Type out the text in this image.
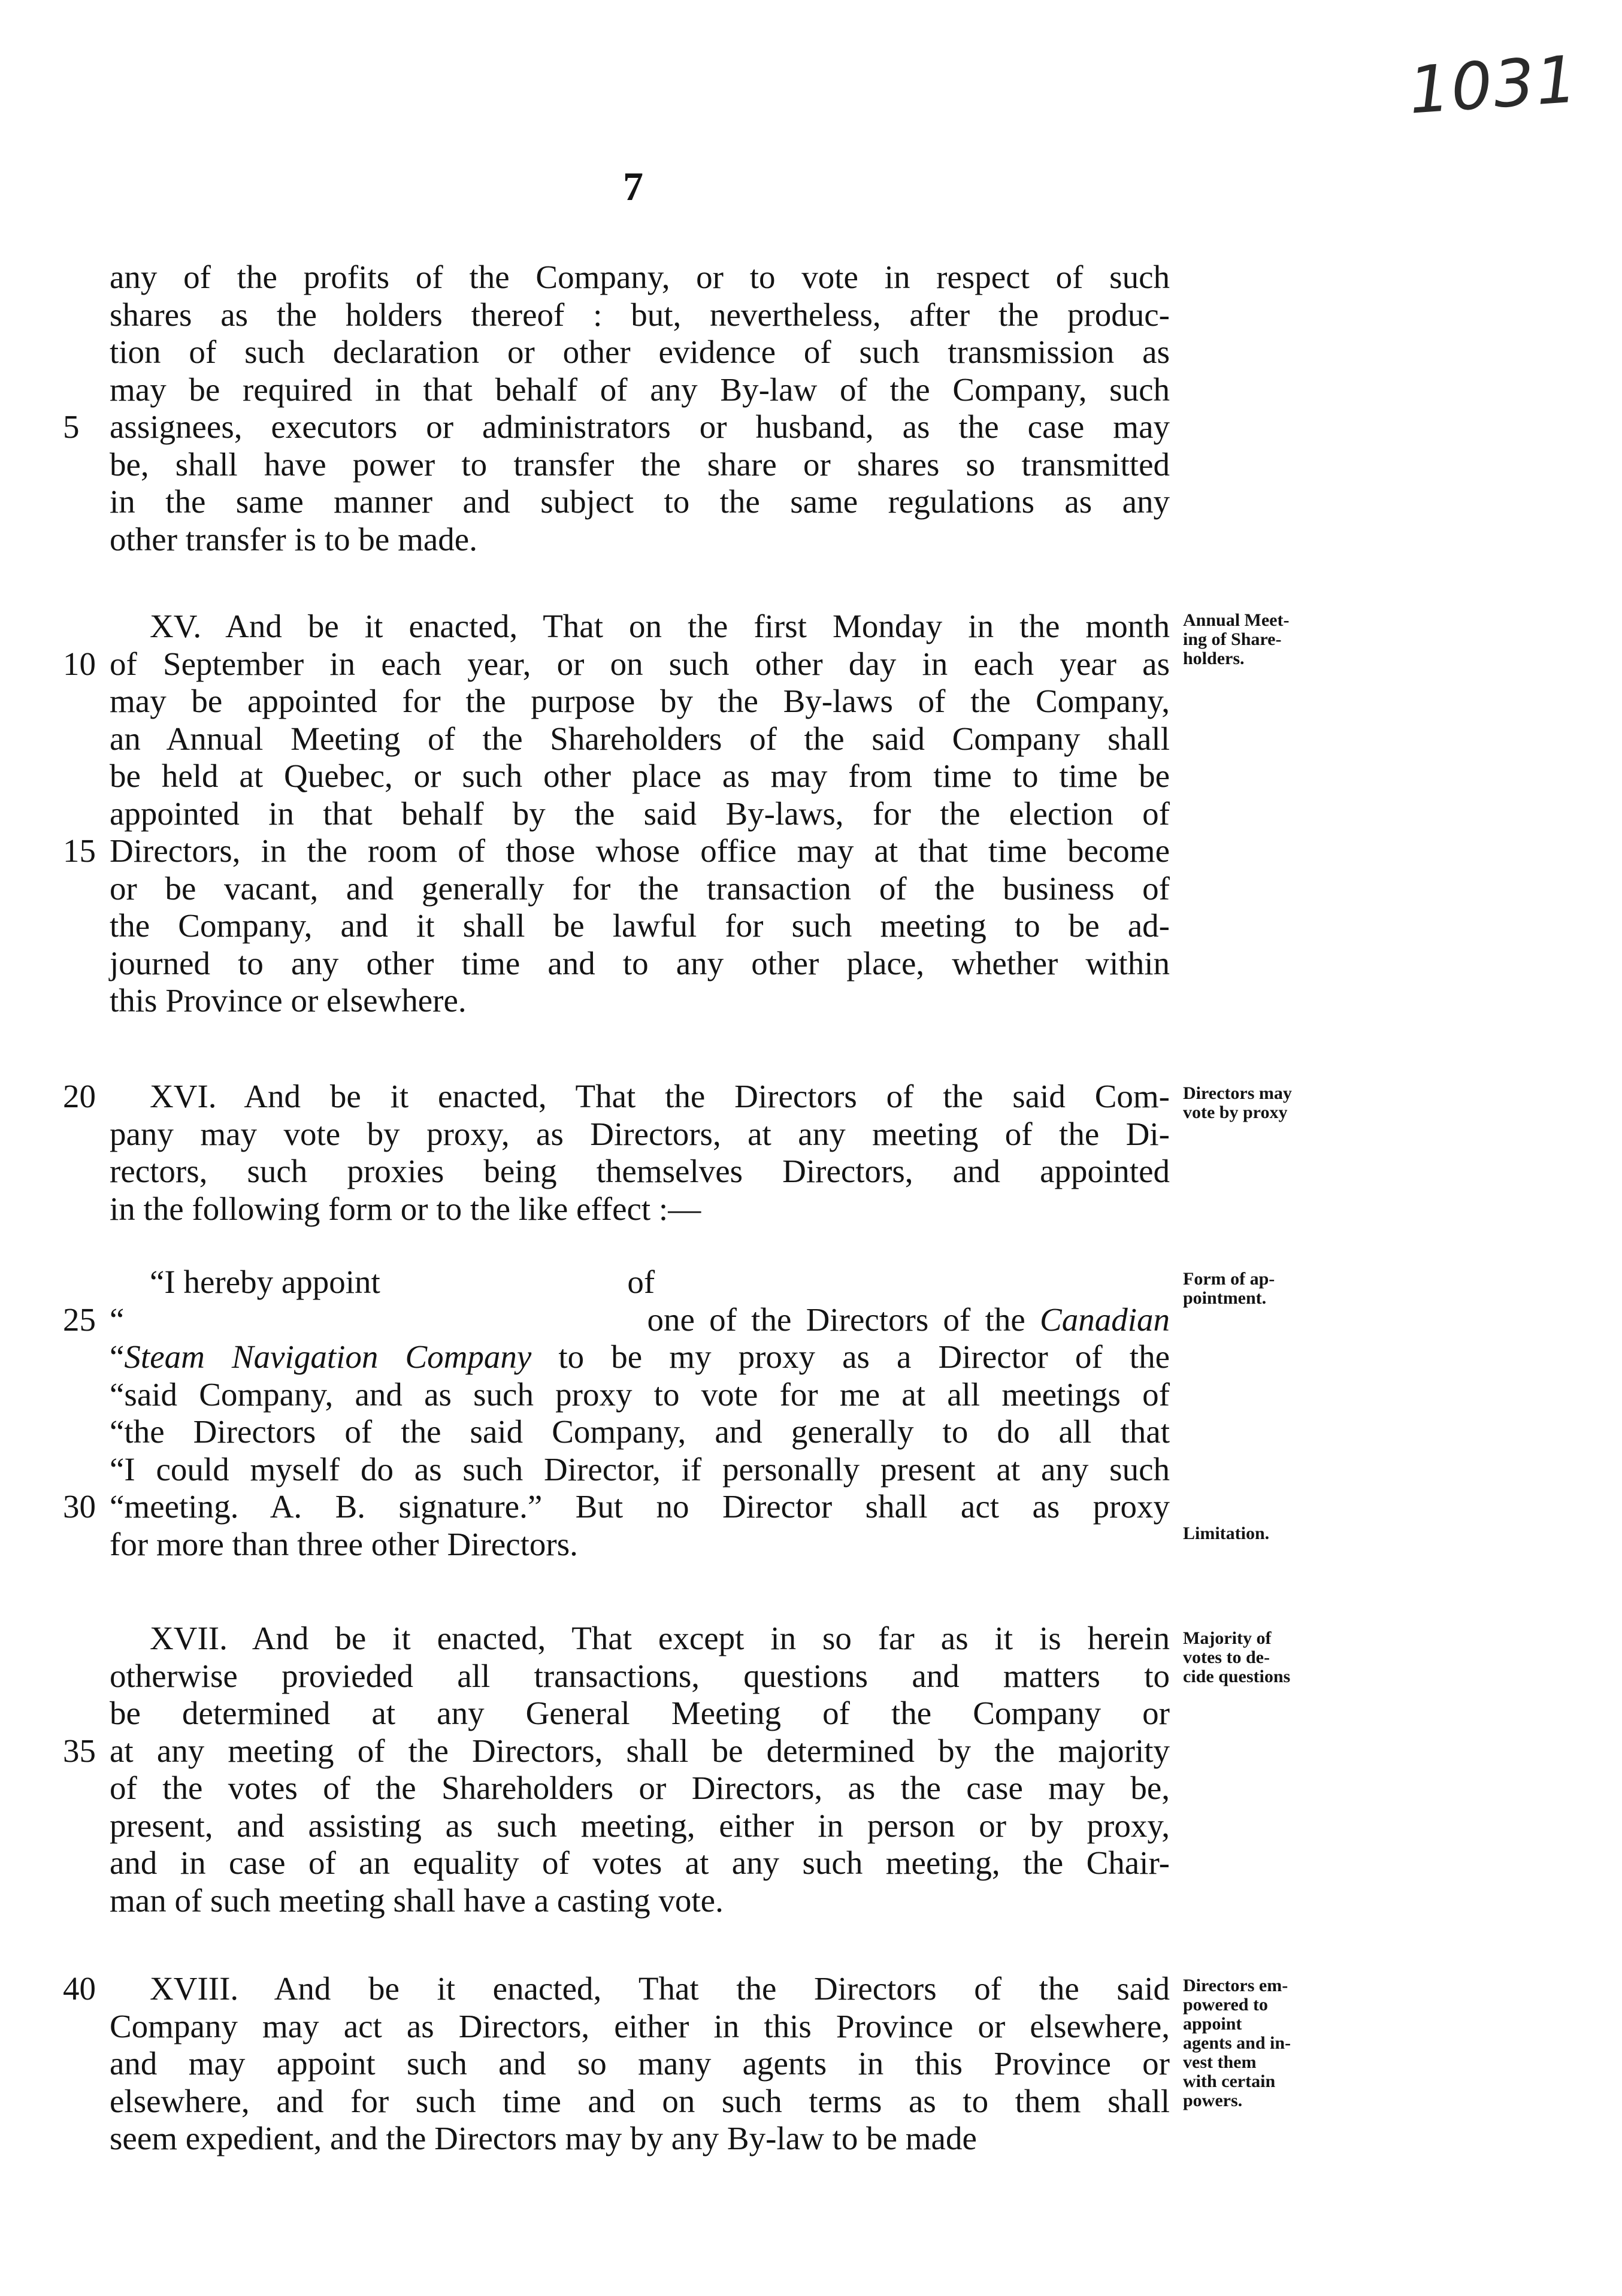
1031
7
any of the profits of the Company, or to vote in respect of such
shares as the holders thereof : but, nevertheless, after the produc-
tion of such declaration or other evidence of such transmission as
may be required in that behalf of any By-law of the Company, such
assignees, executors or administrators or husband, as the case may
5
be, shall have power to transfer the share or shares so transmitted
in the same manner and subject to the same regulations as any
other transfer is to be made.
XV. And be it enacted, That on the first Monday in the month
of September in each year, or on such other day in each year as
10
may be appointed for the purpose by the By-laws of the Company,
an Annual Meeting of the Shareholders of the said Company shall
be held at Quebec, or such other place as may from time to time be
appointed in that behalf by the said By-laws, for the election of
Directors, in the room of those whose office may at that time become
15
or be vacant, and generally for the transaction of the business of
the Company, and it shall be lawful for such meeting to be ad-
journed to any other time and to any other place, whether within
this Province or elsewhere.
Annual Meet-
ing of Share-
holders.
XVI. And be it enacted, That the Directors of the said Com-
20
pany may vote by proxy, as Directors, at any meeting of the Di-
rectors, such proxies being themselves Directors, and appointed
in the following form or to the like effect :—
Directors may
vote by proxy
“I hereby appoint                              of
“                                    one of the Directors of the Canadian
25
“Steam Navigation Company to be my proxy as a Director of the
“said Company, and as such proxy to vote for me at all meetings of
“the Directors of the said Company, and generally to do all that
“I could myself do as such Director, if personally present at any such
“meeting. A. B. signature.” But no Director shall act as proxy
30
for more than three other Directors.
Form of ap-
pointment.
Limitation.
XVII. And be it enacted, That except in so far as it is herein
otherwise provieded all transactions, questions and matters to
be determined at any General Meeting of the Company or
at any meeting of the Directors, shall be determined by the majority
35
of the votes of the Shareholders or Directors, as the case may be,
present, and assisting as such meeting, either in person or by proxy,
and in case of an equality of votes at any such meeting, the Chair-
man of such meeting shall have a casting vote.
Majority of
votes to de-
cide questions
XVIII. And be it enacted, That the Directors of the said
40
Company may act as Directors, either in this Province or elsewhere,
and may appoint such and so many agents in this Province or
elsewhere, and for such time and on such terms as to them shall
seem expedient, and the Directors may by any By-law to be made
Directors em-
powered to
appoint
agents and in-
vest them
with certain
powers.
